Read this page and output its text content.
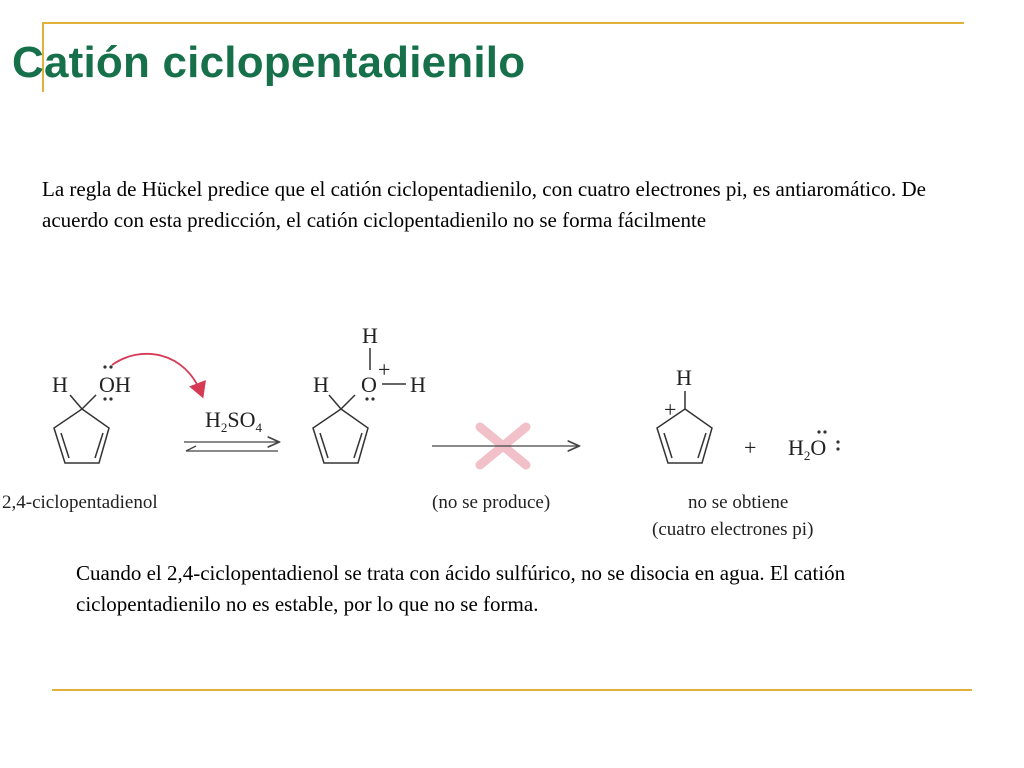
Catión ciclopentadienilo
La regla de Hückel predice que el catión ciclopentadienilo, con cuatro electrones pi, es antiaromático. De acuerdo con esta predicción, el catión ciclopentadienilo no se forma fácilmente
H OH
2,4-ciclopentadienol
$H_2SO_4$
H
H O H
+
(no se produce)
H
+
no se obtiene
(cuatro electrones pi)
+ $H_2O$
Cuando el 2,4-ciclopentadienol se trata con ácido sulfúrico, no se disocia en agua. El catión ciclopentadienilo no es estable, por lo que no se forma.
